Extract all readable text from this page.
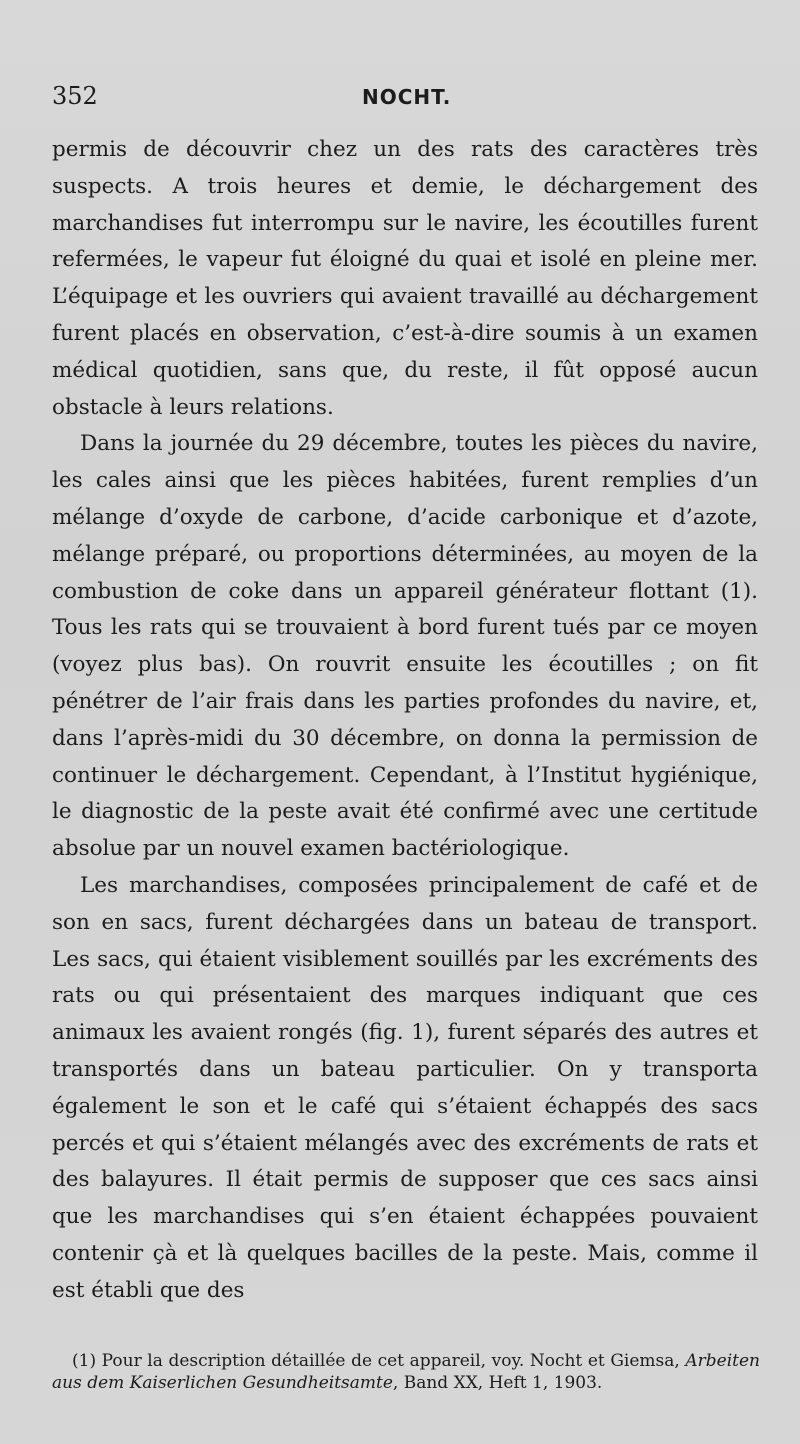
352	NOCHT.

permis de découvrir chez un des rats des caractères très suspects. A trois heures et demie, le déchargement des marchandises fut interrompu sur le navire, les écoutilles furent refermées, le vapeur fut éloigné du quai et isolé en pleine mer. L’équipage et les ouvriers qui avaient travaillé au déchargement furent placés en observation, c’est-à-dire soumis à un examen médical quotidien, sans que, du reste, il fût opposé aucun obstacle à leurs relations.

Dans la journée du 29 décembre, toutes les pièces du navire, les cales ainsi que les pièces habitées, furent remplies d’un mélange d’oxyde de carbone, d’acide carbonique et d’azote, mélange préparé, ou proportions déterminées, au moyen de la combustion de coke dans un appareil générateur flottant (1). Tous les rats qui se trouvaient à bord furent tués par ce moyen (voyez plus bas). On rouvrit ensuite les écoutilles ; on fit pénétrer de l’air frais dans les parties profondes du navire, et, dans l’après-midi du 30 décembre, on donna la permission de continuer le déchargement. Cependant, à l’Institut hygiénique, le diagnostic de la peste avait été confirmé avec une certitude absolue par un nouvel examen bactériologique.

Les marchandises, composées principalement de café et de son en sacs, furent déchargées dans un bateau de transport. Les sacs, qui étaient visiblement souillés par les excréments des rats ou qui présentaient des marques indiquant que ces animaux les avaient rongés (fig. 1), furent séparés des autres et transportés dans un bateau particulier. On y transporta également le son et le café qui s’étaient échappés des sacs percés et qui s’étaient mélangés avec des excréments de rats et des balayures. Il était permis de supposer que ces sacs ainsi que les marchandises qui s’en étaient échappées pouvaient contenir çà et là quelques bacilles de la peste. Mais, comme il est établi que des

(1) Pour la description détaillée de cet appareil, voy. Nocht et Giemsa, Arbeiten aus dem Kaiserlichen Gesundheitsamte, Band XX, Heft 1, 1903.
